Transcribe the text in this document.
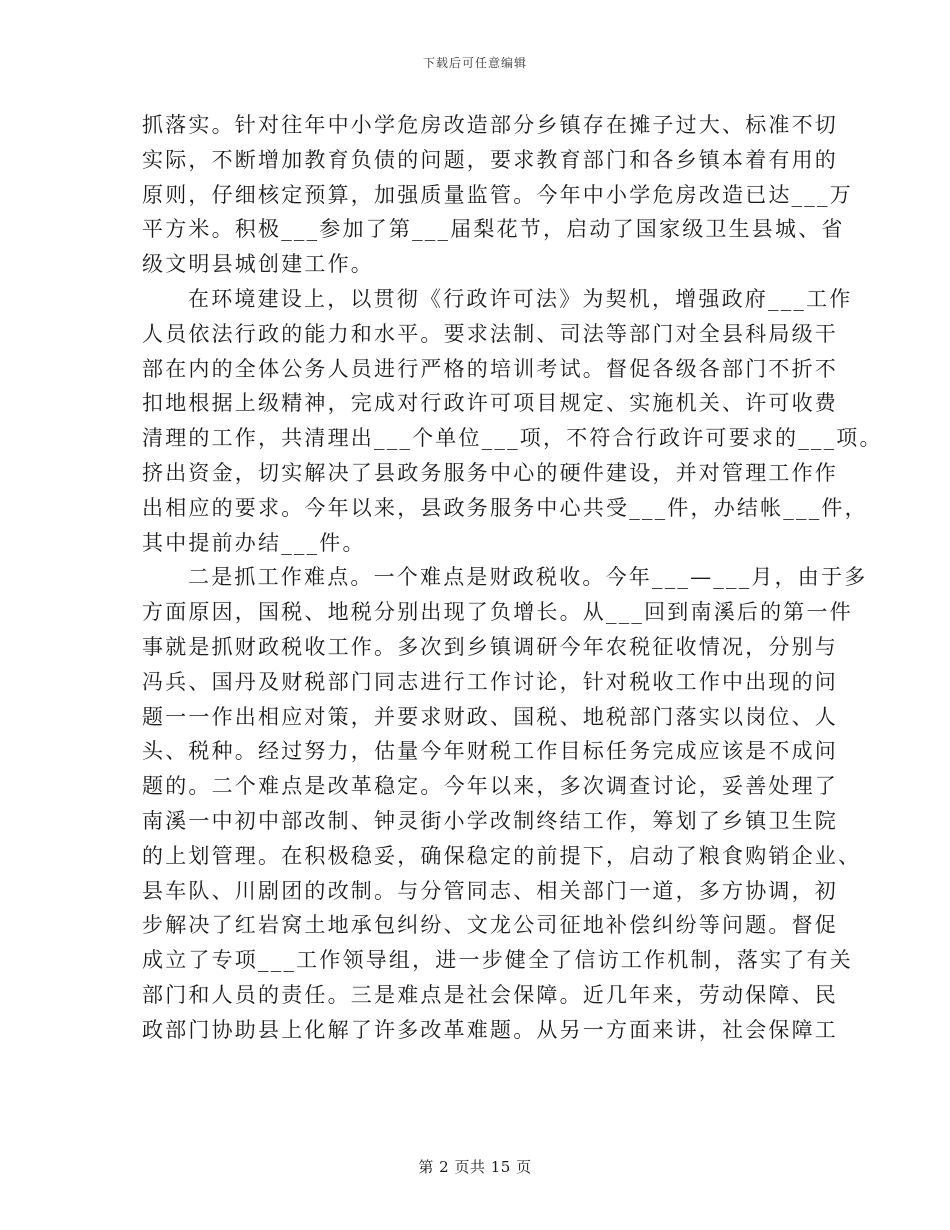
下载后可任意编辑
抓落实。针对往年中小学危房改造部分乡镇存在摊子过大、标准不切
实际，不断增加教育负债的问题，要求教育部门和各乡镇本着有用的
原则，仔细核定预算，加强质量监管。今年中小学危房改造已达___万
平方米。积极___参加了第___届梨花节，启动了国家级卫生县城、省
级文明县城创建工作。
在环境建设上，以贯彻《行政许可法》为契机，增强政府___工作
人员依法行政的能力和水平。要求法制、司法等部门对全县科局级干
部在内的全体公务人员进行严格的培训考试。督促各级各部门不折不
扣地根据上级精神，完成对行政许可项目规定、实施机关、许可收费
清理的工作，共清理出___个单位___项，不符合行政许可要求的___项。
挤出资金，切实解决了县政务服务中心的硬件建设，并对管理工作作
出相应的要求。今年以来，县政务服务中心共受___件，办结帐___件，
其中提前办结___件。
二是抓工作难点。一个难点是财政税收。今年___—___月，由于多
方面原因，国税、地税分别出现了负增长。从___回到南溪后的第一件
事就是抓财政税收工作。多次到乡镇调研今年农税征收情况，分别与
冯兵、国丹及财税部门同志进行工作讨论，针对税收工作中出现的问
题一一作出相应对策，并要求财政、国税、地税部门落实以岗位、人
头、税种。经过努力，估量今年财税工作目标任务完成应该是不成问
题的。二个难点是改革稳定。今年以来，多次调查讨论，妥善处理了
南溪一中初中部改制、钟灵街小学改制终结工作，筹划了乡镇卫生院
的上划管理。在积极稳妥，确保稳定的前提下，启动了粮食购销企业、
县车队、川剧团的改制。与分管同志、相关部门一道，多方协调，初
步解决了红岩窝土地承包纠纷、文龙公司征地补偿纠纷等问题。督促
成立了专项___工作领导组，进一步健全了信访工作机制，落实了有关
部门和人员的责任。三是难点是社会保障。近几年来，劳动保障、民
政部门协助县上化解了许多改革难题。从另一方面来讲，社会保障工
第 2 页共 15 页
